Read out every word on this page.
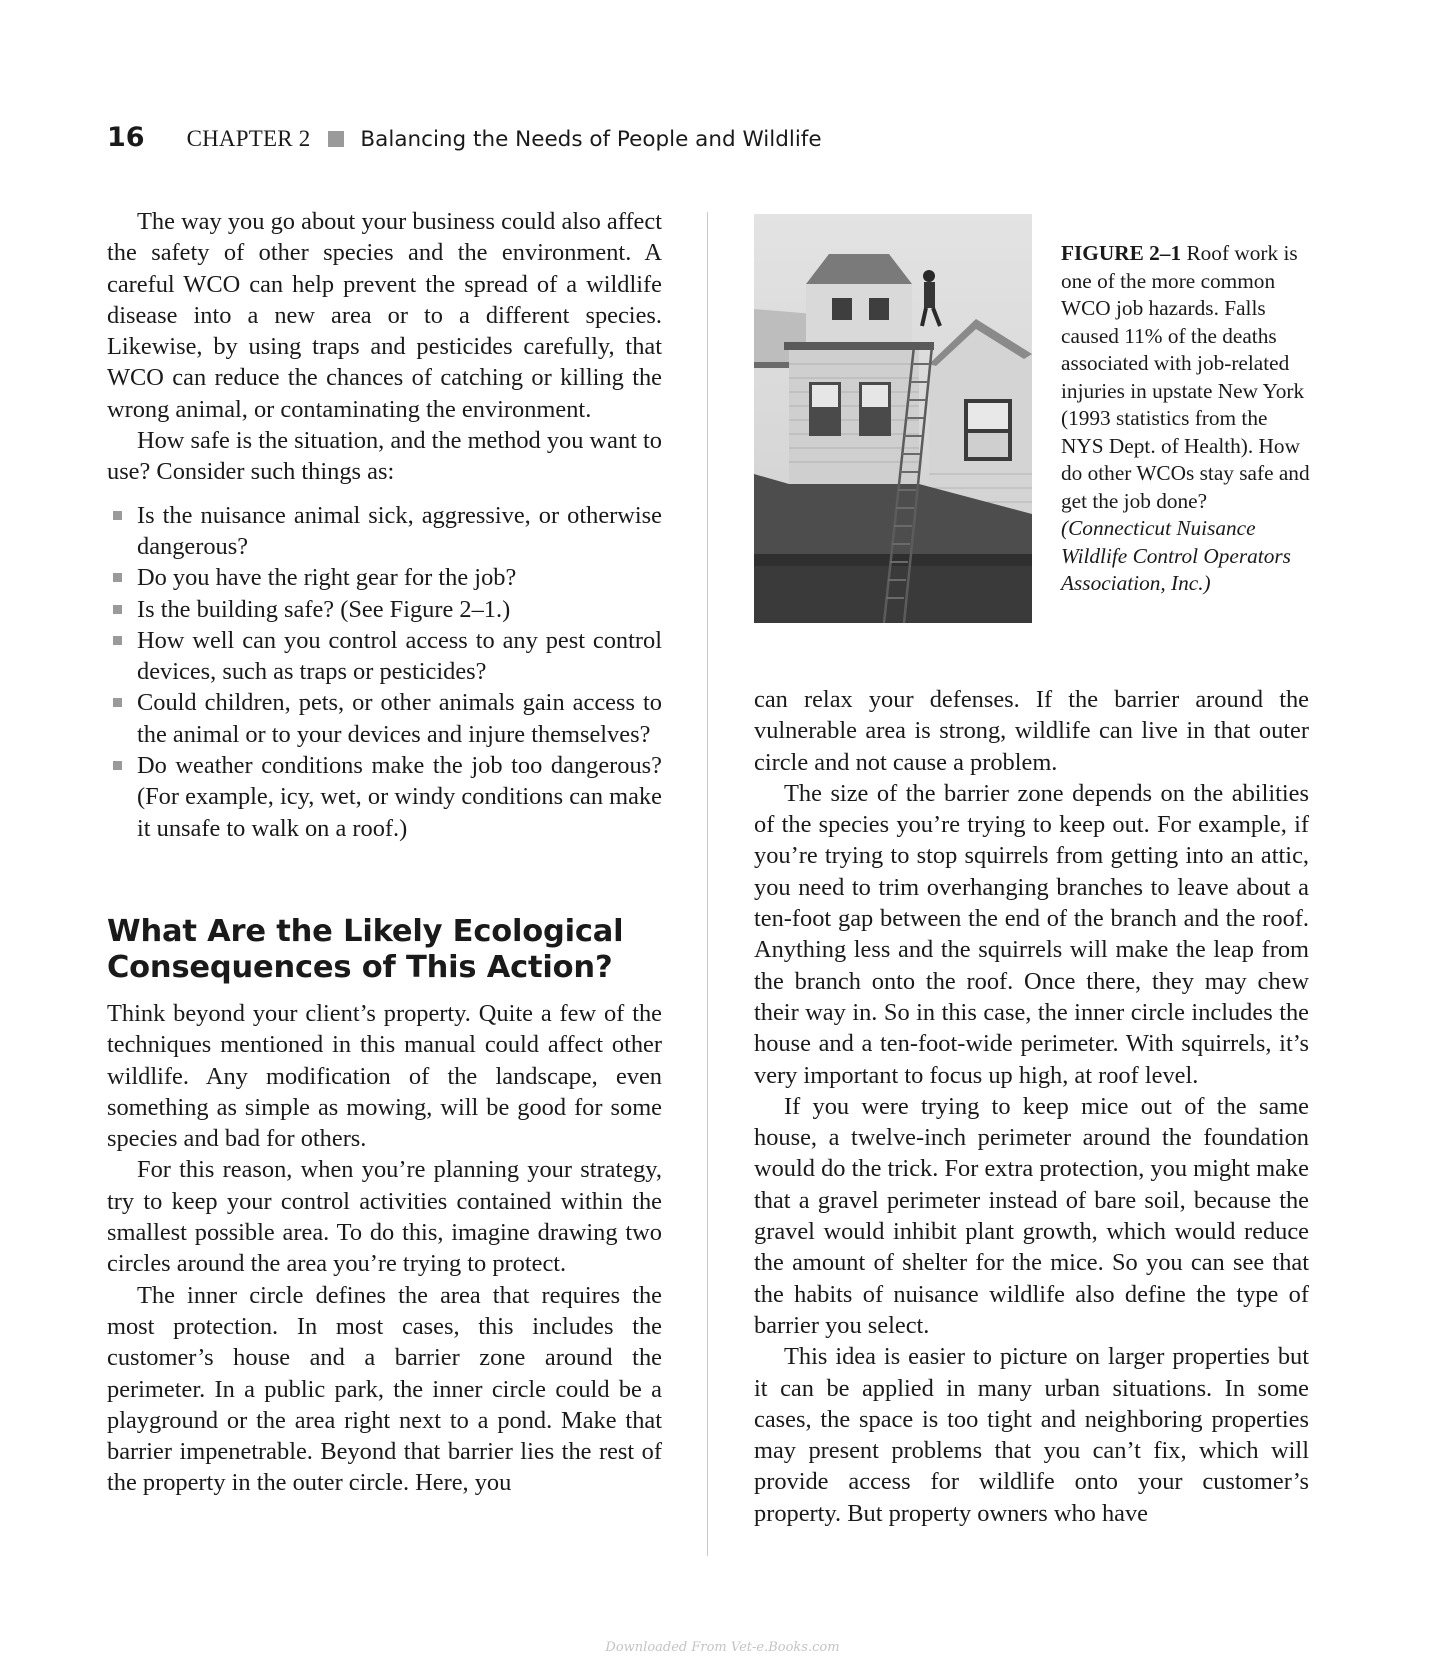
16 CHAPTER 2 Balancing the Needs of People and Wildlife

The way you go about your business could also affect the safety of other species and the environment. A careful WCO can help prevent the spread of a wildlife disease into a new area or to a different species. Likewise, by using traps and pesticides carefully, that WCO can reduce the chances of catching or killing the wrong animal, or contaminating the environment.

How safe is the situation, and the method you want to use? Consider such things as:

Is the nuisance animal sick, aggressive, or otherwise dangerous?
Do you have the right gear for the job?
Is the building safe? (See Figure 2–1.)
How well can you control access to any pest control devices, such as traps or pesticides?
Could children, pets, or other animals gain access to the animal or to your devices and injure themselves?
Do weather conditions make the job too dangerous? (For example, icy, wet, or windy conditions can make it unsafe to walk on a roof.)
What Are the Likely Ecological Consequences of This Action?

Think beyond your client’s property. Quite a few of the techniques mentioned in this manual could affect other wildlife. Any modification of the landscape, even something as simple as mowing, will be good for some species and bad for others.

For this reason, when you’re planning your strategy, try to keep your control activities contained within the smallest possible area. To do this, imagine drawing two circles around the area you’re trying to protect.

The inner circle defines the area that requires the most protection. In most cases, this includes the customer’s house and a barrier zone around the perimeter. In a public park, the inner circle could be a playground or the area right next to a pond. Make that barrier impenetrable. Beyond that barrier lies the rest of the property in the outer circle. Here, you

FIGURE 2–1 Roof work is one of the more common WCO job hazards. Falls caused 11% of the deaths associated with job-related injuries in upstate New York (1993 statistics from the NYS Dept. of Health). How do other WCOs stay safe and get the job done? (Connecticut Nuisance Wildlife Control Operators Association, Inc.)

can relax your defenses. If the barrier around the vulnerable area is strong, wildlife can live in that outer circle and not cause a problem.

The size of the barrier zone depends on the abilities of the species you’re trying to keep out. For example, if you’re trying to stop squirrels from getting into an attic, you need to trim overhanging branches to leave about a ten-foot gap between the end of the branch and the roof. Anything less and the squirrels will make the leap from the branch onto the roof. Once there, they may chew their way in. So in this case, the inner circle includes the house and a ten-foot-wide perimeter. With squirrels, it’s very important to focus up high, at roof level.

If you were trying to keep mice out of the same house, a twelve-inch perimeter around the foundation would do the trick. For extra protection, you might make that a gravel perimeter instead of bare soil, because the gravel would inhibit plant growth, which would reduce the amount of shelter for the mice. So you can see that the habits of nuisance wildlife also define the type of barrier you select.

This idea is easier to picture on larger properties but it can be applied in many urban situations. In some cases, the space is too tight and neighboring properties may present problems that you can’t fix, which will provide access for wildlife onto your customer’s property. But property owners who have

Downloaded From Vet-e.Books.com
